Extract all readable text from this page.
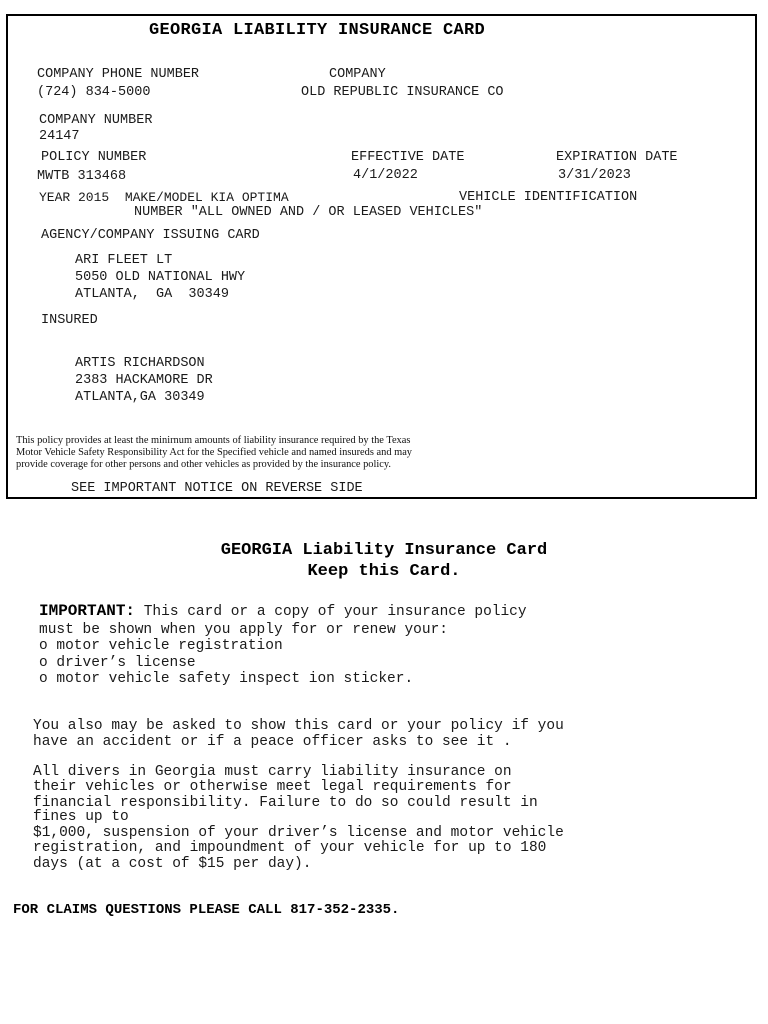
GEORGIA LIABILITY INSURANCE CARD
COMPANY PHONE NUMBER
(724) 834-5000
COMPANY
OLD REPUBLIC INSURANCE CO
COMPANY NUMBER
24147
POLICY NUMBER
MWTB 313468
EFFECTIVE DATE
4/1/2022
EXPIRATION DATE
3/31/2023
YEAR 2015  MAKE/MODEL KIA OPTIMA	VEHICLE IDENTIFICATION
NUMBER "ALL OWNED AND / OR LEASED VEHICLES"
AGENCY/COMPANY ISSUING CARD
ARI FLEET LT
5050 OLD NATIONAL HWY
ATLANTA,  GA  30349
INSURED
ARTIS RICHARDSON
2383 HACKAMORE DR
ATLANTA,GA 30349
This policy provides at least the minirnum amounts of liability insurance required by the Texas
Motor Vehicle Safety Responsibility Act for the Specified vehicle and named insureds and may
provide coverage for other persons and other vehicles as provided by the insurance policy.
SEE IMPORTANT NOTICE ON REVERSE SIDE
GEORGIA Liability Insurance Card
Keep this Card.
IMPORTANT: This card or a copy of your insurance policy
must be shown when you apply for or renew your:
o motor vehicle registration
o driver’s license
o motor vehicle safety inspect ion sticker.
You also may be asked to show this card or your policy if you
have an accident or if a peace officer asks to see it .
All divers in Georgia must carry liability insurance on
their vehicles or otherwise meet legal requirements for
financial responsibility. Failure to do so could result in
fines up to
$1,000, suspension of your driver’s license and motor vehicle
registration, and impoundment of your vehicle for up to 180
days (at a cost of $15 per day).
FOR CLAIMS QUESTIONS PLEASE CALL 817-352-2335.
